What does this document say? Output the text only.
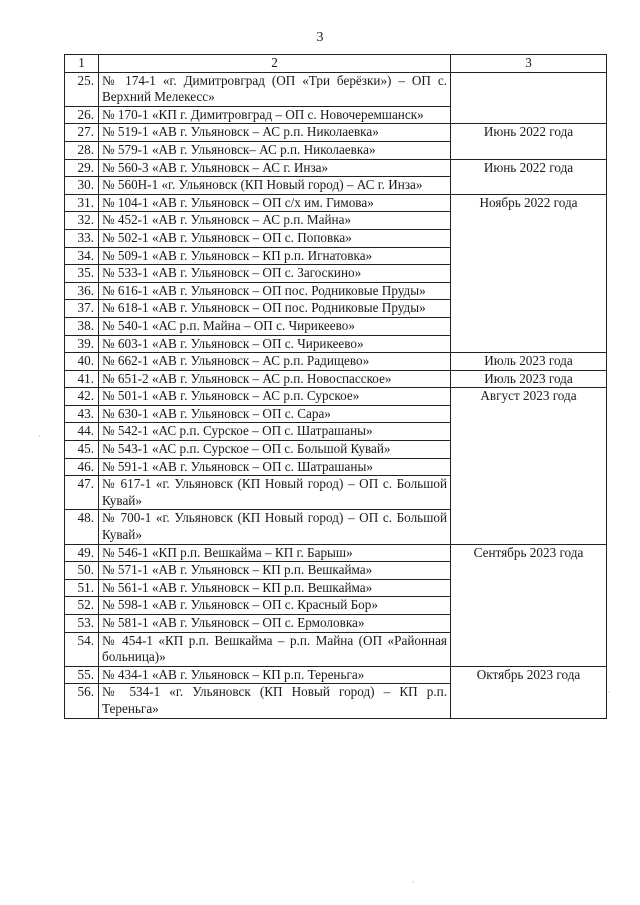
3
1	2	3
25.	№ 174-1 «г. Димитровград (ОП «Три берёзки») – ОП с. Верхний Мелекесс»	
26.	№ 170-1 «КП г. Димитровград – ОП с. Новочеремшанск»	
27.	№ 519-1 «АВ г. Ульяновск – АС р.п. Николаевка»	Июнь 2022 года
28.	№ 579-1 «АВ г. Ульяновск– АС р.п. Николаевка»	
29.	№ 560-3 «АВ г. Ульяновск – АС г. Инза»	Июнь 2022 года
30.	№ 560Н-1 «г. Ульяновск (КП Новый город) – АС г. Инза»	
31.	№ 104-1 «АВ г. Ульяновск – ОП с/х им. Гимова»	Ноябрь 2022 года
32.	№ 452-1 «АВ г. Ульяновск – АС р.п. Майна»	
33.	№ 502-1 «АВ г. Ульяновск – ОП с. Поповка»	
34.	№ 509-1 «АВ г. Ульяновск – КП р.п. Игнатовка»	
35.	№ 533-1 «АВ г. Ульяновск – ОП с. Загоскино»	
36.	№ 616-1 «АВ г. Ульяновск – ОП пос. Родниковые Пруды»	
37.	№ 618-1 «АВ г. Ульяновск – ОП пос. Родниковые Пруды»	
38.	№ 540-1 «АС р.п. Майна – ОП с. Чирикеево»	
39.	№ 603-1 «АВ г. Ульяновск – ОП с. Чирикеево»	
40.	№ 662-1 «АВ г. Ульяновск – АС р.п. Радищево»	Июль 2023 года
41.	№ 651-2 «АВ г. Ульяновск – АС р.п. Новоспасское»	Июль 2023 года
42.	№ 501-1 «АВ г. Ульяновск – АС р.п. Сурское»	Август 2023 года
43.	№ 630-1 «АВ г. Ульяновск – ОП с. Сара»	
44.	№ 542-1 «АС р.п. Сурское – ОП с. Шатрашаны»	
45.	№ 543-1 «АС р.п. Сурское – ОП с. Большой Кувай»	
46.	№ 591-1 «АВ г. Ульяновск – ОП с. Шатрашаны»	
47.	№ 617-1 «г. Ульяновск (КП Новый город) – ОП с. Большой Кувай»	
48.	№ 700-1 «г. Ульяновск (КП Новый город) – ОП с. Большой Кувай»	
49.	№ 546-1 «КП р.п. Вешкайма – КП г. Барыш»	Сентябрь 2023 года
50.	№ 571-1 «АВ г. Ульяновск – КП р.п. Вешкайма»	
51.	№ 561-1 «АВ г. Ульяновск – КП р.п. Вешкайма»	
52.	№ 598-1 «АВ г. Ульяновск – ОП с. Красный Бор»	
53.	№ 581-1 «АВ г. Ульяновск – ОП с. Ермоловка»	
54.	№ 454-1 «КП р.п. Вешкайма – р.п. Майна (ОП «Районная больница)»	
55.	№ 434-1 «АВ г. Ульяновск – КП р.п. Тереньга»	Октябрь 2023 года
56.	№ 534-1 «г. Ульяновск (КП Новый город) – КП р.п. Тереньга»	
·
·
·
